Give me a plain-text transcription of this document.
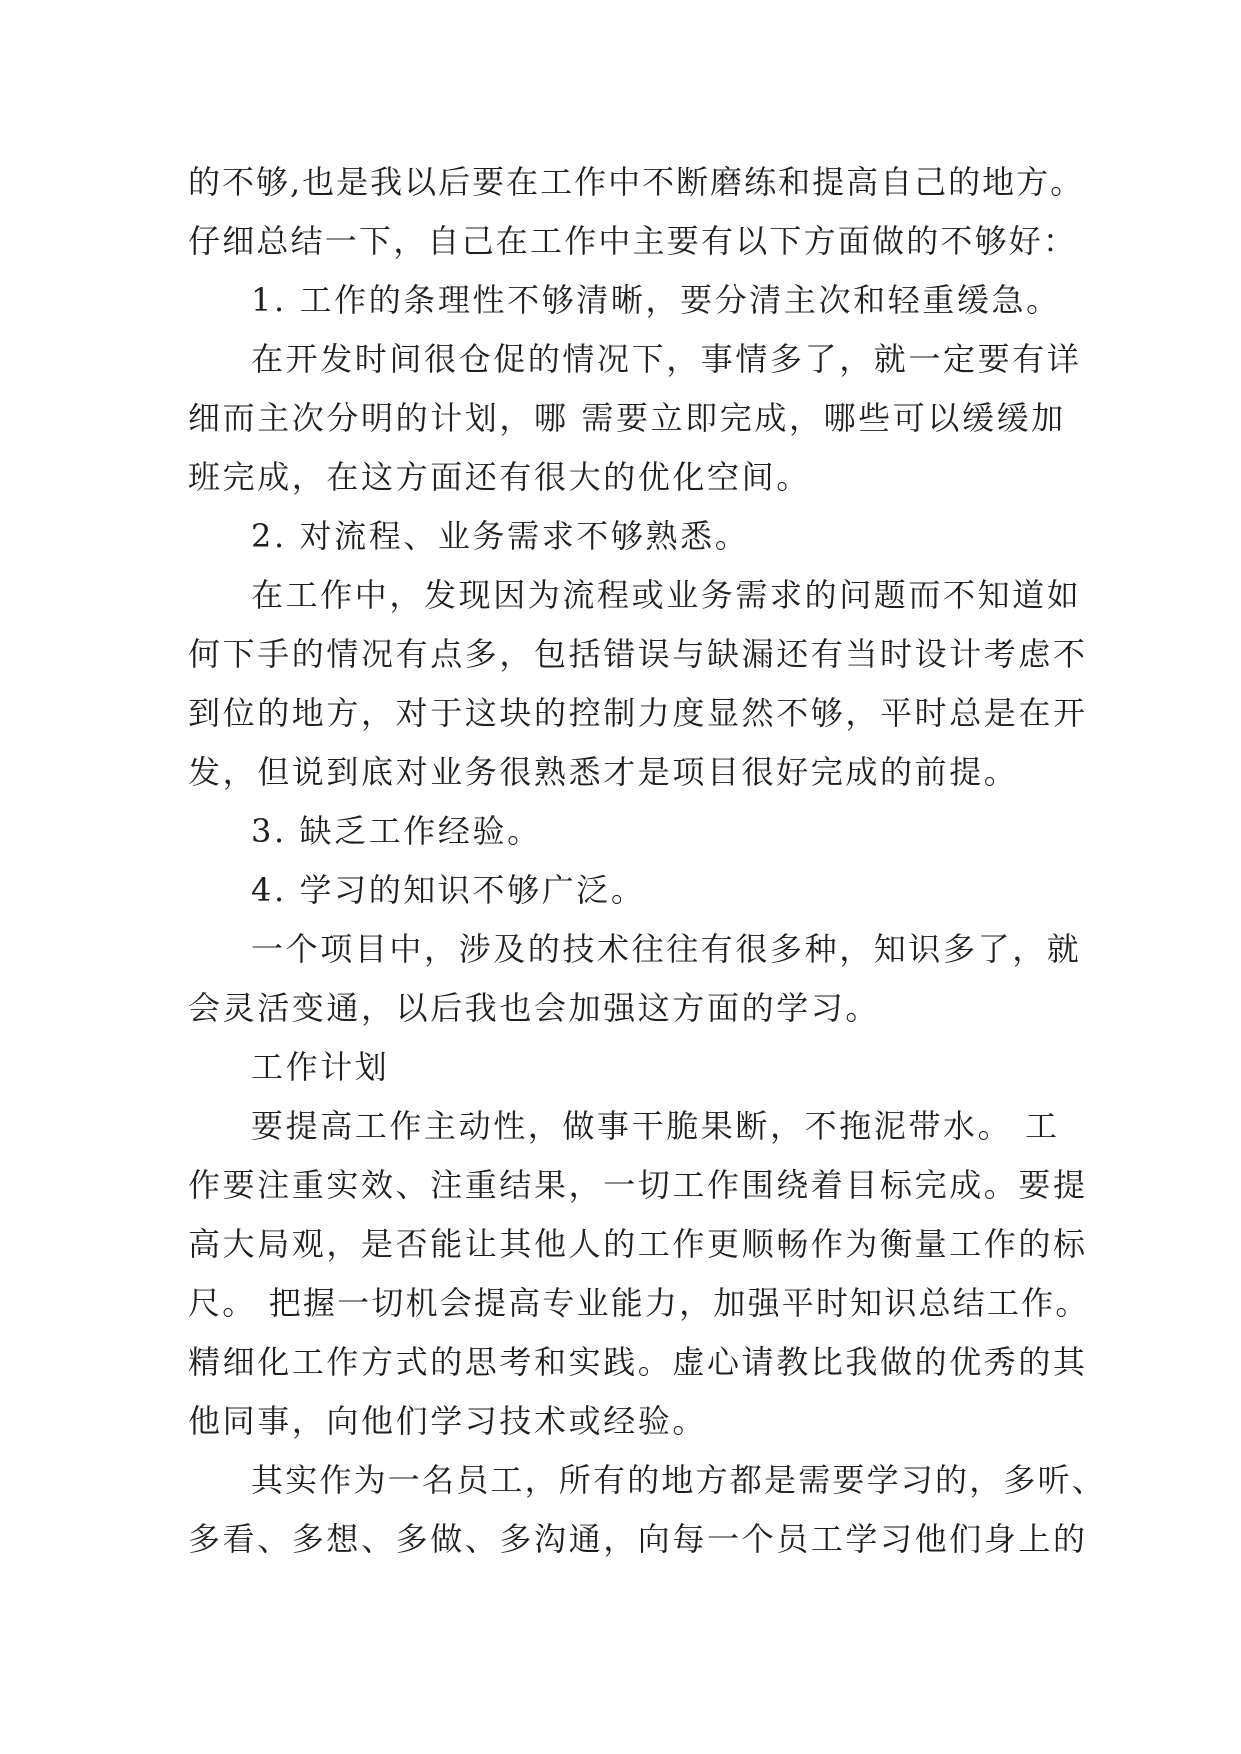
的不够,也是我以后要在工作中不断磨练和提高自己的地方。
仔细总结一下，自己在工作中主要有以下方面做的不够好：
1. 工作的条理性不够清晰，要分清主次和轻重缓急。
在开发时间很仓促的情况下，事情多了，就一定要有详
细而主次分明的计划，哪 需要立即完成，哪些可以缓缓加
班完成，在这方面还有很大的优化空间。
2. 对流程、业务需求不够熟悉。
在工作中，发现因为流程或业务需求的问题而不知道如
何下手的情况有点多，包括错误与缺漏还有当时设计考虑不
到位的地方，对于这块的控制力度显然不够，平时总是在开
发，但说到底对业务很熟悉才是项目很好完成的前提。
3. 缺乏工作经验。
4. 学习的知识不够广泛。
一个项目中，涉及的技术往往有很多种，知识多了，就
会灵活变通，以后我也会加强这方面的学习。
工作计划
要提高工作主动性，做事干脆果断，不拖泥带水。 工
作要注重实效、注重结果，一切工作围绕着目标完成。要提
高大局观，是否能让其他人的工作更顺畅作为衡量工作的标
尺。 把握一切机会提高专业能力，加强平时知识总结工作。
精细化工作方式的思考和实践。虚心请教比我做的优秀的其
他同事，向他们学习技术或经验。
其实作为一名员工，所有的地方都是需要学习的，多听、
多看、多想、多做、多沟通，向每一个员工学习他们身上的
